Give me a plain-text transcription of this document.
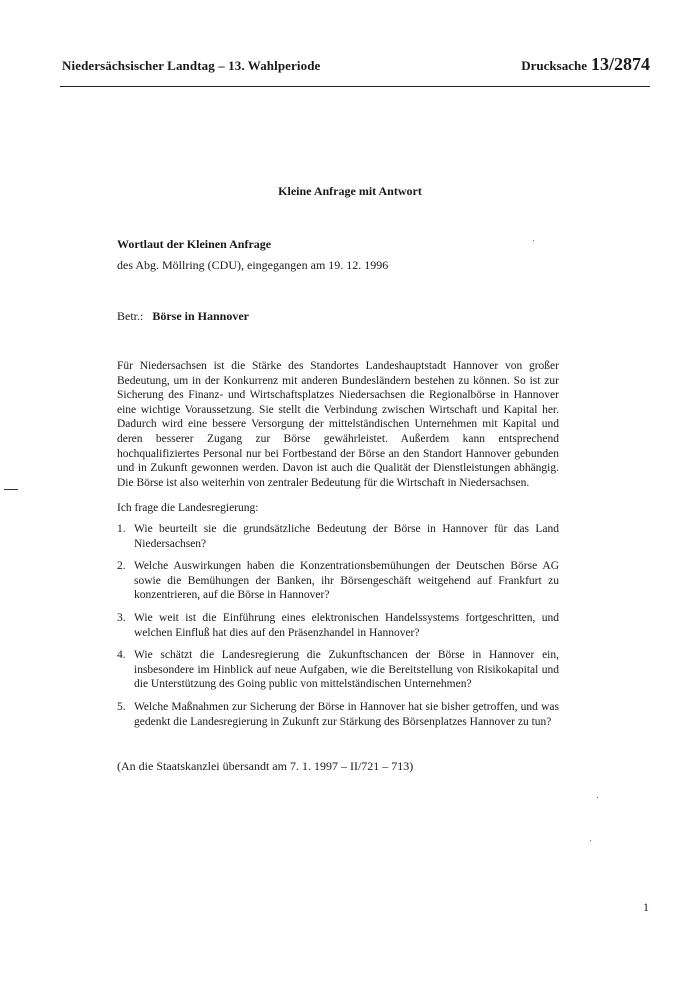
Niedersächsischer Landtag – 13. Wahlperiode	Drucksache 13/2874
Kleine Anfrage mit Antwort
Wortlaut der Kleinen Anfrage
des Abg. Möllring (CDU), eingegangen am 19. 12. 1996
Betr.: Börse in Hannover

Für Niedersachsen ist die Stärke des Standortes Landeshauptstadt Hannover von großer Bedeutung, um in der Konkurrenz mit anderen Bundesländern bestehen zu können. So ist zur Sicherung des Finanz- und Wirtschaftsplatzes Niedersachsen die Regionalbörse in Hannover eine wichtige Voraussetzung. Sie stellt die Verbindung zwischen Wirtschaft und Kapital her. Dadurch wird eine bessere Versorgung der mittelständischen Unternehmen mit Kapital und deren besserer Zugang zur Börse gewährleistet. Außerdem kann entsprechend hochqualifiziertes Personal nur bei Fortbestand der Börse an den Standort Hannover gebunden und in Zukunft gewonnen werden. Davon ist auch die Qualität der Dienstleistungen abhängig. Die Börse ist also weiterhin von zentraler Bedeutung für die Wirtschaft in Niedersachsen.

Ich frage die Landesregierung:
1. Wie beurteilt sie die grundsätzliche Bedeutung der Börse in Hannover für das Land Niedersachsen?
2. Welche Auswirkungen haben die Konzentrationsbemühungen der Deutschen Börse AG sowie die Bemühungen der Banken, ihr Börsengeschäft weitgehend auf Frankfurt zu konzentrieren, auf die Börse in Hannover?
3. Wie weit ist die Einführung eines elektronischen Handelssystems fortgeschritten, und welchen Einfluß hat dies auf den Präsenzhandel in Hannover?
4. Wie schätzt die Landesregierung die Zukunftschancen der Börse in Hannover ein, insbesondere im Hinblick auf neue Aufgaben, wie die Bereitstellung von Risikokapital und die Unterstützung des Going public von mittelständischen Unternehmen?
5. Welche Maßnahmen zur Sicherung der Börse in Hannover hat sie bisher getroffen, und was gedenkt die Landesregierung in Zukunft zur Stärkung des Börsenplatzes Hannover zu tun?
(An die Staatskanzlei übersandt am 7. 1. 1997 – II/721 – 713)
1
